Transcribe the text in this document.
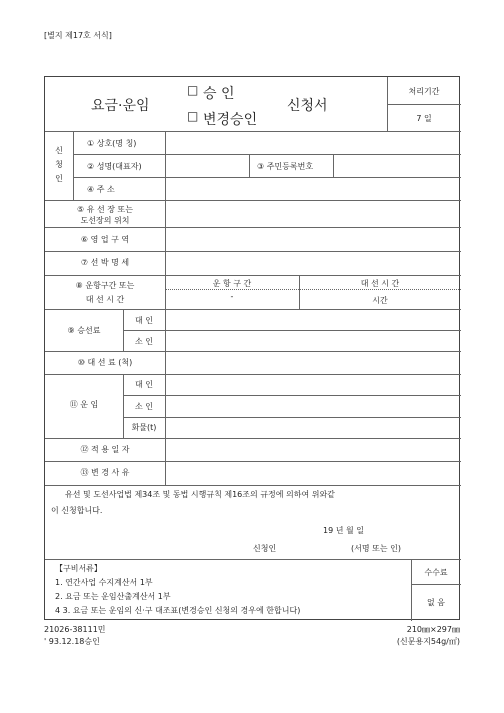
[별지 제17호 서식]
요금·운임
□ 승 인
□ 변경승인
신청서
처리기간
7 일
신
청
인
① 상호(명 칭)
② 성명(대표자)	③ 주민등록번호
④ 주 소
⑤ 유 선 장 또는
도선장의 위치
⑥ 영 업 구 역
⑦ 선 박 명 세
⑧ 운항구간 또는
대 선 시 간
운 항 구 간	대 선 시 간
-	시간
⑨ 승선료
대 인
소 인
⑩ 대 선 료 (척)
⑪ 운 임
대 인
소 인
화물(t)
⑫ 적 용 일 자
⑬ 변 경 사 유
유선 및 도선사업법 제34조 및 동법 시행규칙 제16조의 규정에 의하여 위와같
이 신청합니다.
19 년 월 일
신청인	(서명 또는 인)
【구비서류】
1. 연간사업 수지계산서 1부
2. 요금 또는 운임산출계산서 1부
4 3. 요금 또는 운임의 신·구 대조표(변경승인 신청의 경우에 한합니다)
수수료
없 음
21026-38111민
' 93.12.18승인
210㎜×297㎜
(신문용지54g/㎡)
